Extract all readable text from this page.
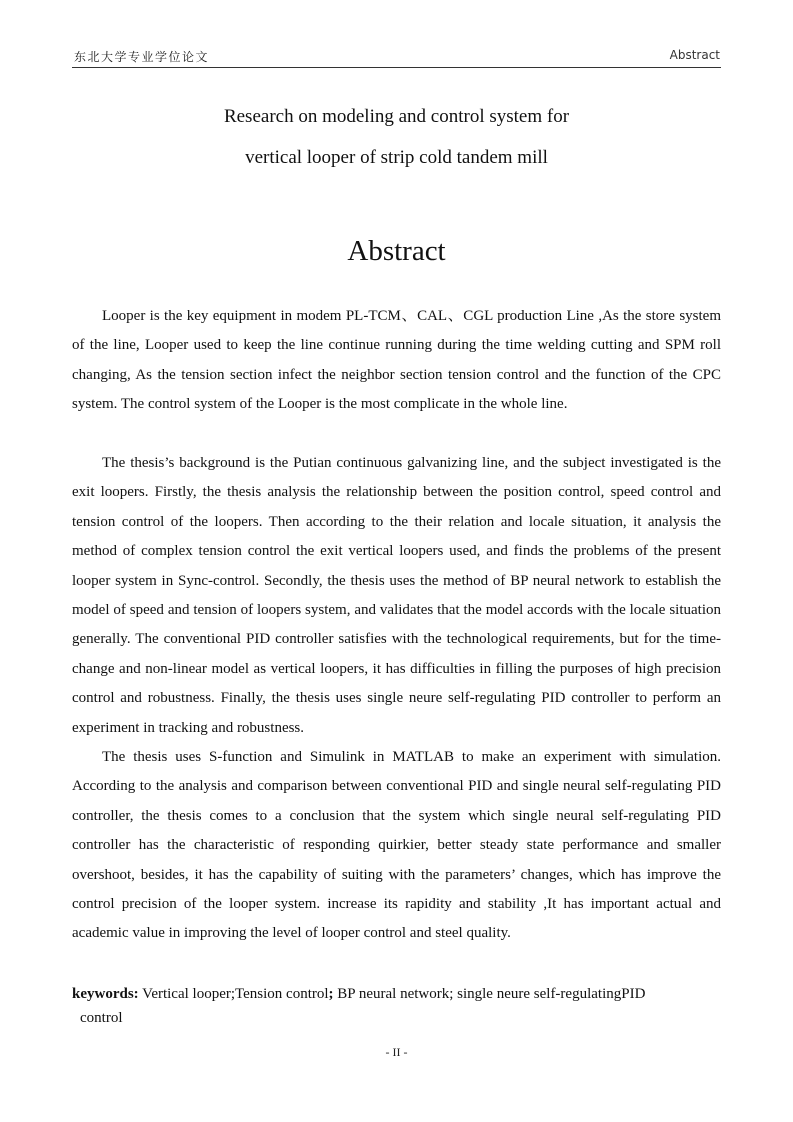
东北大学专业学位论文	Abstract
Research on modeling and control system for
vertical looper of strip cold tandem mill
Abstract

Looper is the key equipment in modem PL-TCM、CAL、CGL production Line ,As the store system of the line, Looper used to keep the line continue running during the time welding cutting and SPM roll changing, As the tension section infect the neighbor section tension control and the function of the CPC system. The control system of the Looper is the most complicate in the whole line.

The thesis’s background is the Putian continuous galvanizing line, and the subject investigated is the exit loopers. Firstly, the thesis analysis the relationship between the position control, speed control and tension control of the loopers. Then according to the their relation and locale situation, it analysis the method of complex tension control the exit vertical loopers used, and finds the problems of the present looper system in Sync-control. Secondly, the thesis uses the method of BP neural network to establish the model of speed and tension of loopers system, and validates that the model accords with the locale situation generally. The conventional PID controller satisfies with the technological requirements, but for the time-change and non-linear model as vertical loopers, it has difficulties in filling the purposes of high precision control and robustness. Finally, the thesis uses single neure self-regulating PID controller to perform an experiment in tracking and robustness.

The thesis uses S-function and Simulink in MATLAB to make an experiment with simulation. According to the analysis and comparison between conventional PID and single neural self-regulating PID controller, the thesis comes to a conclusion that the system which single neural self-regulating PID controller has the characteristic of responding quirkier, better steady state performance and smaller overshoot, besides, it has the capability of suiting with the parameters’ changes, which has improve the control precision of the looper system. increase its rapidity and stability ,It has important actual and academic value in improving the level of looper control and steel quality.

keywords: Vertical looper;Tension control; BP neural network; single neure self-regulatingPID
control
- II -
